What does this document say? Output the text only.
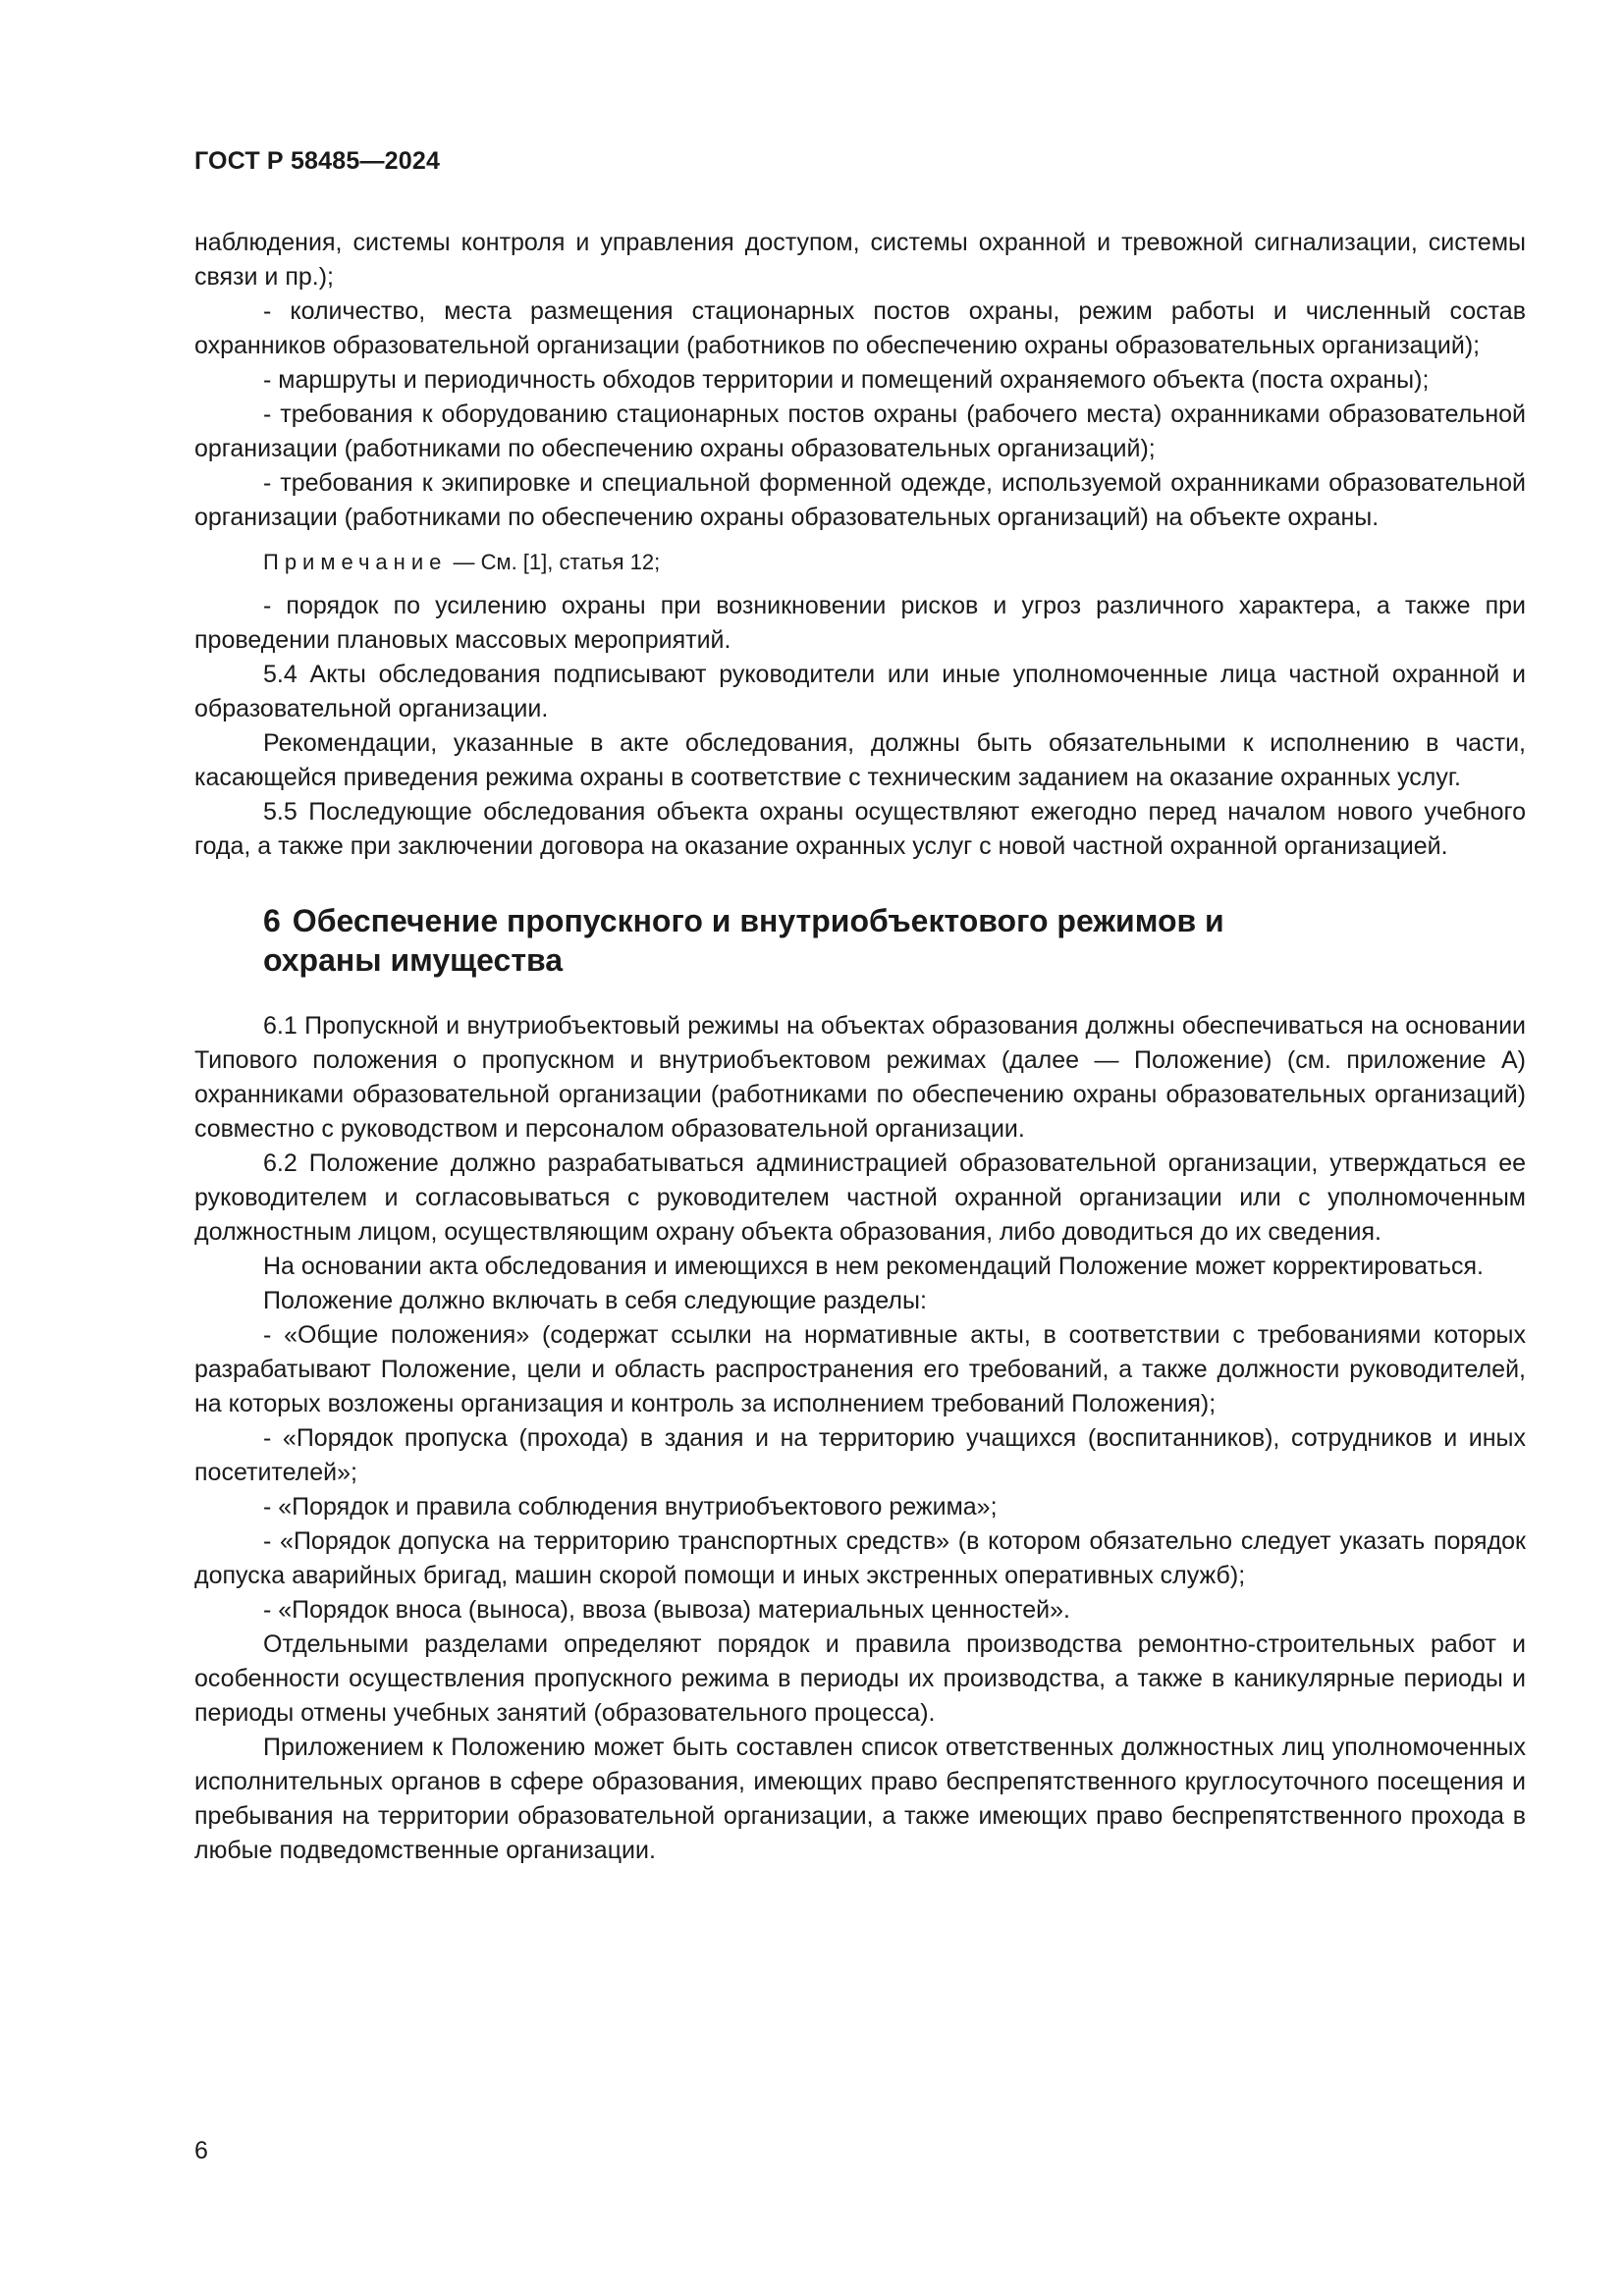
ГОСТ Р 58485—2024

наблюдения, системы контроля и управления доступом, системы охранной и тревожной сигнализации, системы связи и пр.);

- количество, места размещения стационарных постов охраны, режим работы и численный состав охранников образовательной организации (работников по обеспечению охраны образовательных организаций);

- маршруты и периодичность обходов территории и помещений охраняемого объекта (поста охраны);

- требования к оборудованию стационарных постов охраны (рабочего места) охранниками образовательной организации (работниками по обеспечению охраны образовательных организаций);

- требования к экипировке и специальной форменной одежде, используемой охранниками образовательной организации (работниками по обеспечению охраны образовательных организаций) на объекте охраны.

Примечание — См. [1], статья 12;

- порядок по усилению охраны при возникновении рисков и угроз различного характера, а также при проведении плановых массовых мероприятий.

5.4 Акты обследования подписывают руководители или иные уполномоченные лица частной охранной и образовательной организации.

Рекомендации, указанные в акте обследования, должны быть обязательными к исполнению в части, касающейся приведения режима охраны в соответствие с техническим заданием на оказание охранных услуг.

5.5 Последующие обследования объекта охраны осуществляют ежегодно перед началом нового учебного года, а также при заключении договора на оказание охранных услуг с новой частной охранной организацией.

6 Обеспечение пропускного и внутриобъектового режимов и охраны имущества

6.1 Пропускной и внутриобъектовый режимы на объектах образования должны обеспечиваться на основании Типового положения о пропускном и внутриобъектовом режимах (далее — Положение) (см. приложение А) охранниками образовательной организации (работниками по обеспечению охраны образовательных организаций) совместно с руководством и персоналом образовательной организации.

6.2 Положение должно разрабатываться администрацией образовательной организации, утверждаться ее руководителем и согласовываться с руководителем частной охранной организации или с уполномоченным должностным лицом, осуществляющим охрану объекта образования, либо доводиться до их сведения.

На основании акта обследования и имеющихся в нем рекомендаций Положение может корректироваться.

Положение должно включать в себя следующие разделы:

- «Общие положения» (содержат ссылки на нормативные акты, в соответствии с требованиями которых разрабатывают Положение, цели и область распространения его требований, а также должности руководителей, на которых возложены организация и контроль за исполнением требований Положения);

- «Порядок пропуска (прохода) в здания и на территорию учащихся (воспитанников), сотрудников и иных посетителей»;

- «Порядок и правила соблюдения внутриобъектового режима»;

- «Порядок допуска на территорию транспортных средств» (в котором обязательно следует указать порядок допуска аварийных бригад, машин скорой помощи и иных экстренных оперативных служб);

- «Порядок вноса (выноса), ввоза (вывоза) материальных ценностей».

Отдельными разделами определяют порядок и правила производства ремонтно-строительных работ и особенности осуществления пропускного режима в периоды их производства, а также в каникулярные периоды и периоды отмены учебных занятий (образовательного процесса).

Приложением к Положению может быть составлен список ответственных должностных лиц уполномоченных исполнительных органов в сфере образования, имеющих право беспрепятственного круглосуточного посещения и пребывания на территории образовательной организации, а также имеющих право беспрепятственного прохода в любые подведомственные организации.

6
